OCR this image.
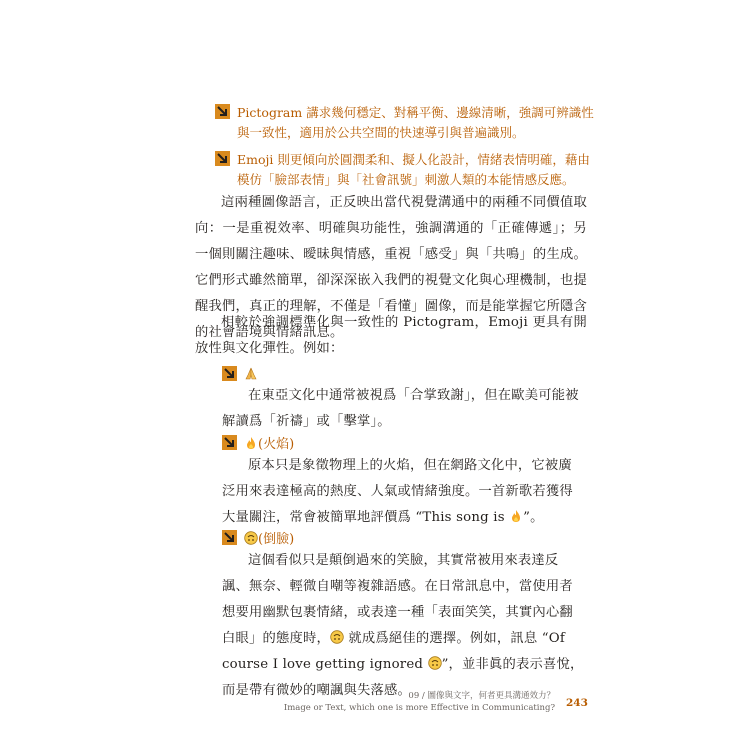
Pictogram 講求幾何穩定、對稱平衡、邊線清晰，強調可辨識性
與一致性，適用於公共空間的快速導引與普遍識別。
Emoji 則更傾向於圓潤柔和、擬人化設計，情緒表情明確，藉由
模仿「臉部表情」與「社會訊號」刺激人類的本能情感反應。
這兩種圖像語言，正反映出當代視覺溝通中的兩種不同價值取向：一是重視效率、明確與功能性，強調溝通的「正確傳遞」；另一個則關注趣味、曖昧與情感，重視「感受」與「共鳴」的生成。它們形式雖然簡單，卻深深嵌入我們的視覺文化與心理機制，也提醒我們，真正的理解，不僅是「看懂」圖像，而是能掌握它所隱含的社會語境與情緒訊息。
相較於強調標準化與一致性的 Pictogram，Emoji 更具有開放性與文化彈性。例如：
在東亞文化中通常被視爲「合掌致謝」，但在歐美可能被解讀爲「祈禱」或「擊掌」。
(火焰)
原本只是象徵物理上的火焰，但在網路文化中，它被廣泛用來表達極高的熱度、人氣或情緒強度。一首新歌若獲得大量關注，常會被簡單地評價爲 “This song is
”。
(倒臉)
這個看似只是顛倒過來的笑臉，其實常被用來表達反諷、無奈、輕微自嘲等複雜語感。在日常訊息中，當使用者想要用幽默包裹情緒，或表達一種「表面笑笑，其實內心翻白眼」的態度時，
就成爲絕佳的選擇。例如，訊息 “Of course I love getting ignored
”，並非眞的表示喜悅，而是帶有微妙的嘲諷與失落感。
09 / 圖像與文字，何者更具溝通效力？
Image or Text, which one is more Effective in Communicating? 243
